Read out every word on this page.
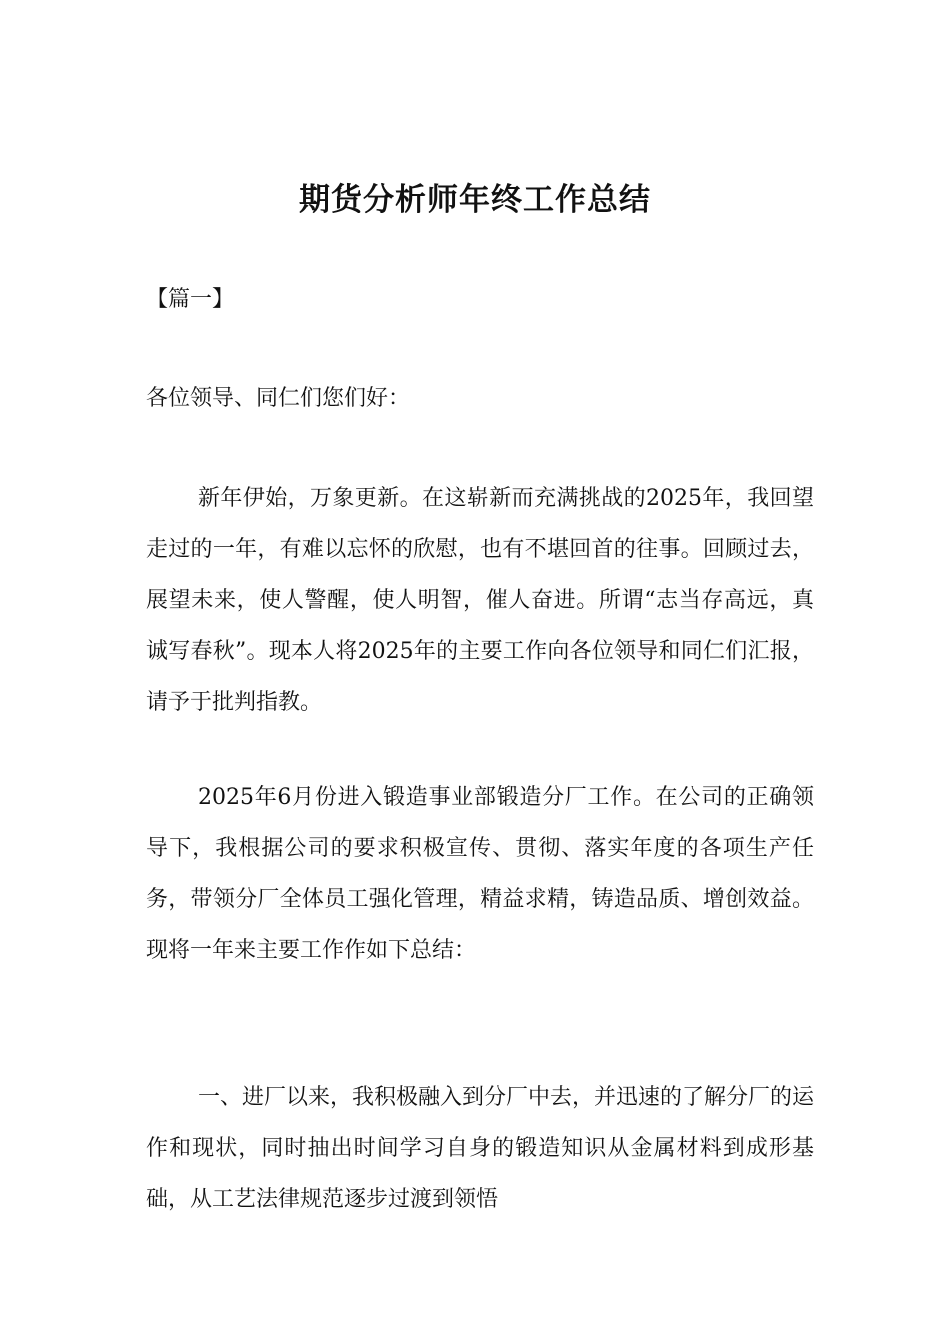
期货分析师年终工作总结
【篇一】
各位领导、同仁们您们好：

新年伊始，万象更新。在这崭新而充满挑战的2025年，我回望走过的一年，有难以忘怀的欣慰，也有不堪回首的往事。回顾过去，展望未来，使人警醒，使人明智，催人奋进。所谓“志当存高远，真诚写春秋”。现本人将2025年的主要工作向各位领导和同仁们汇报，请予于批判指教。

2025年6月份进入锻造事业部锻造分厂工作。在公司的正确领导下，我根据公司的要求积极宣传、贯彻、落实年度的各项生产任务，带领分厂全体员工强化管理，精益求精，铸造品质、增创效益。现将一年来主要工作作如下总结：

一、进厂以来，我积极融入到分厂中去，并迅速的了解分厂的运作和现状，同时抽出时间学习自身的锻造知识从金属材料到成形基础，从工艺法律规范逐步过渡到领悟
